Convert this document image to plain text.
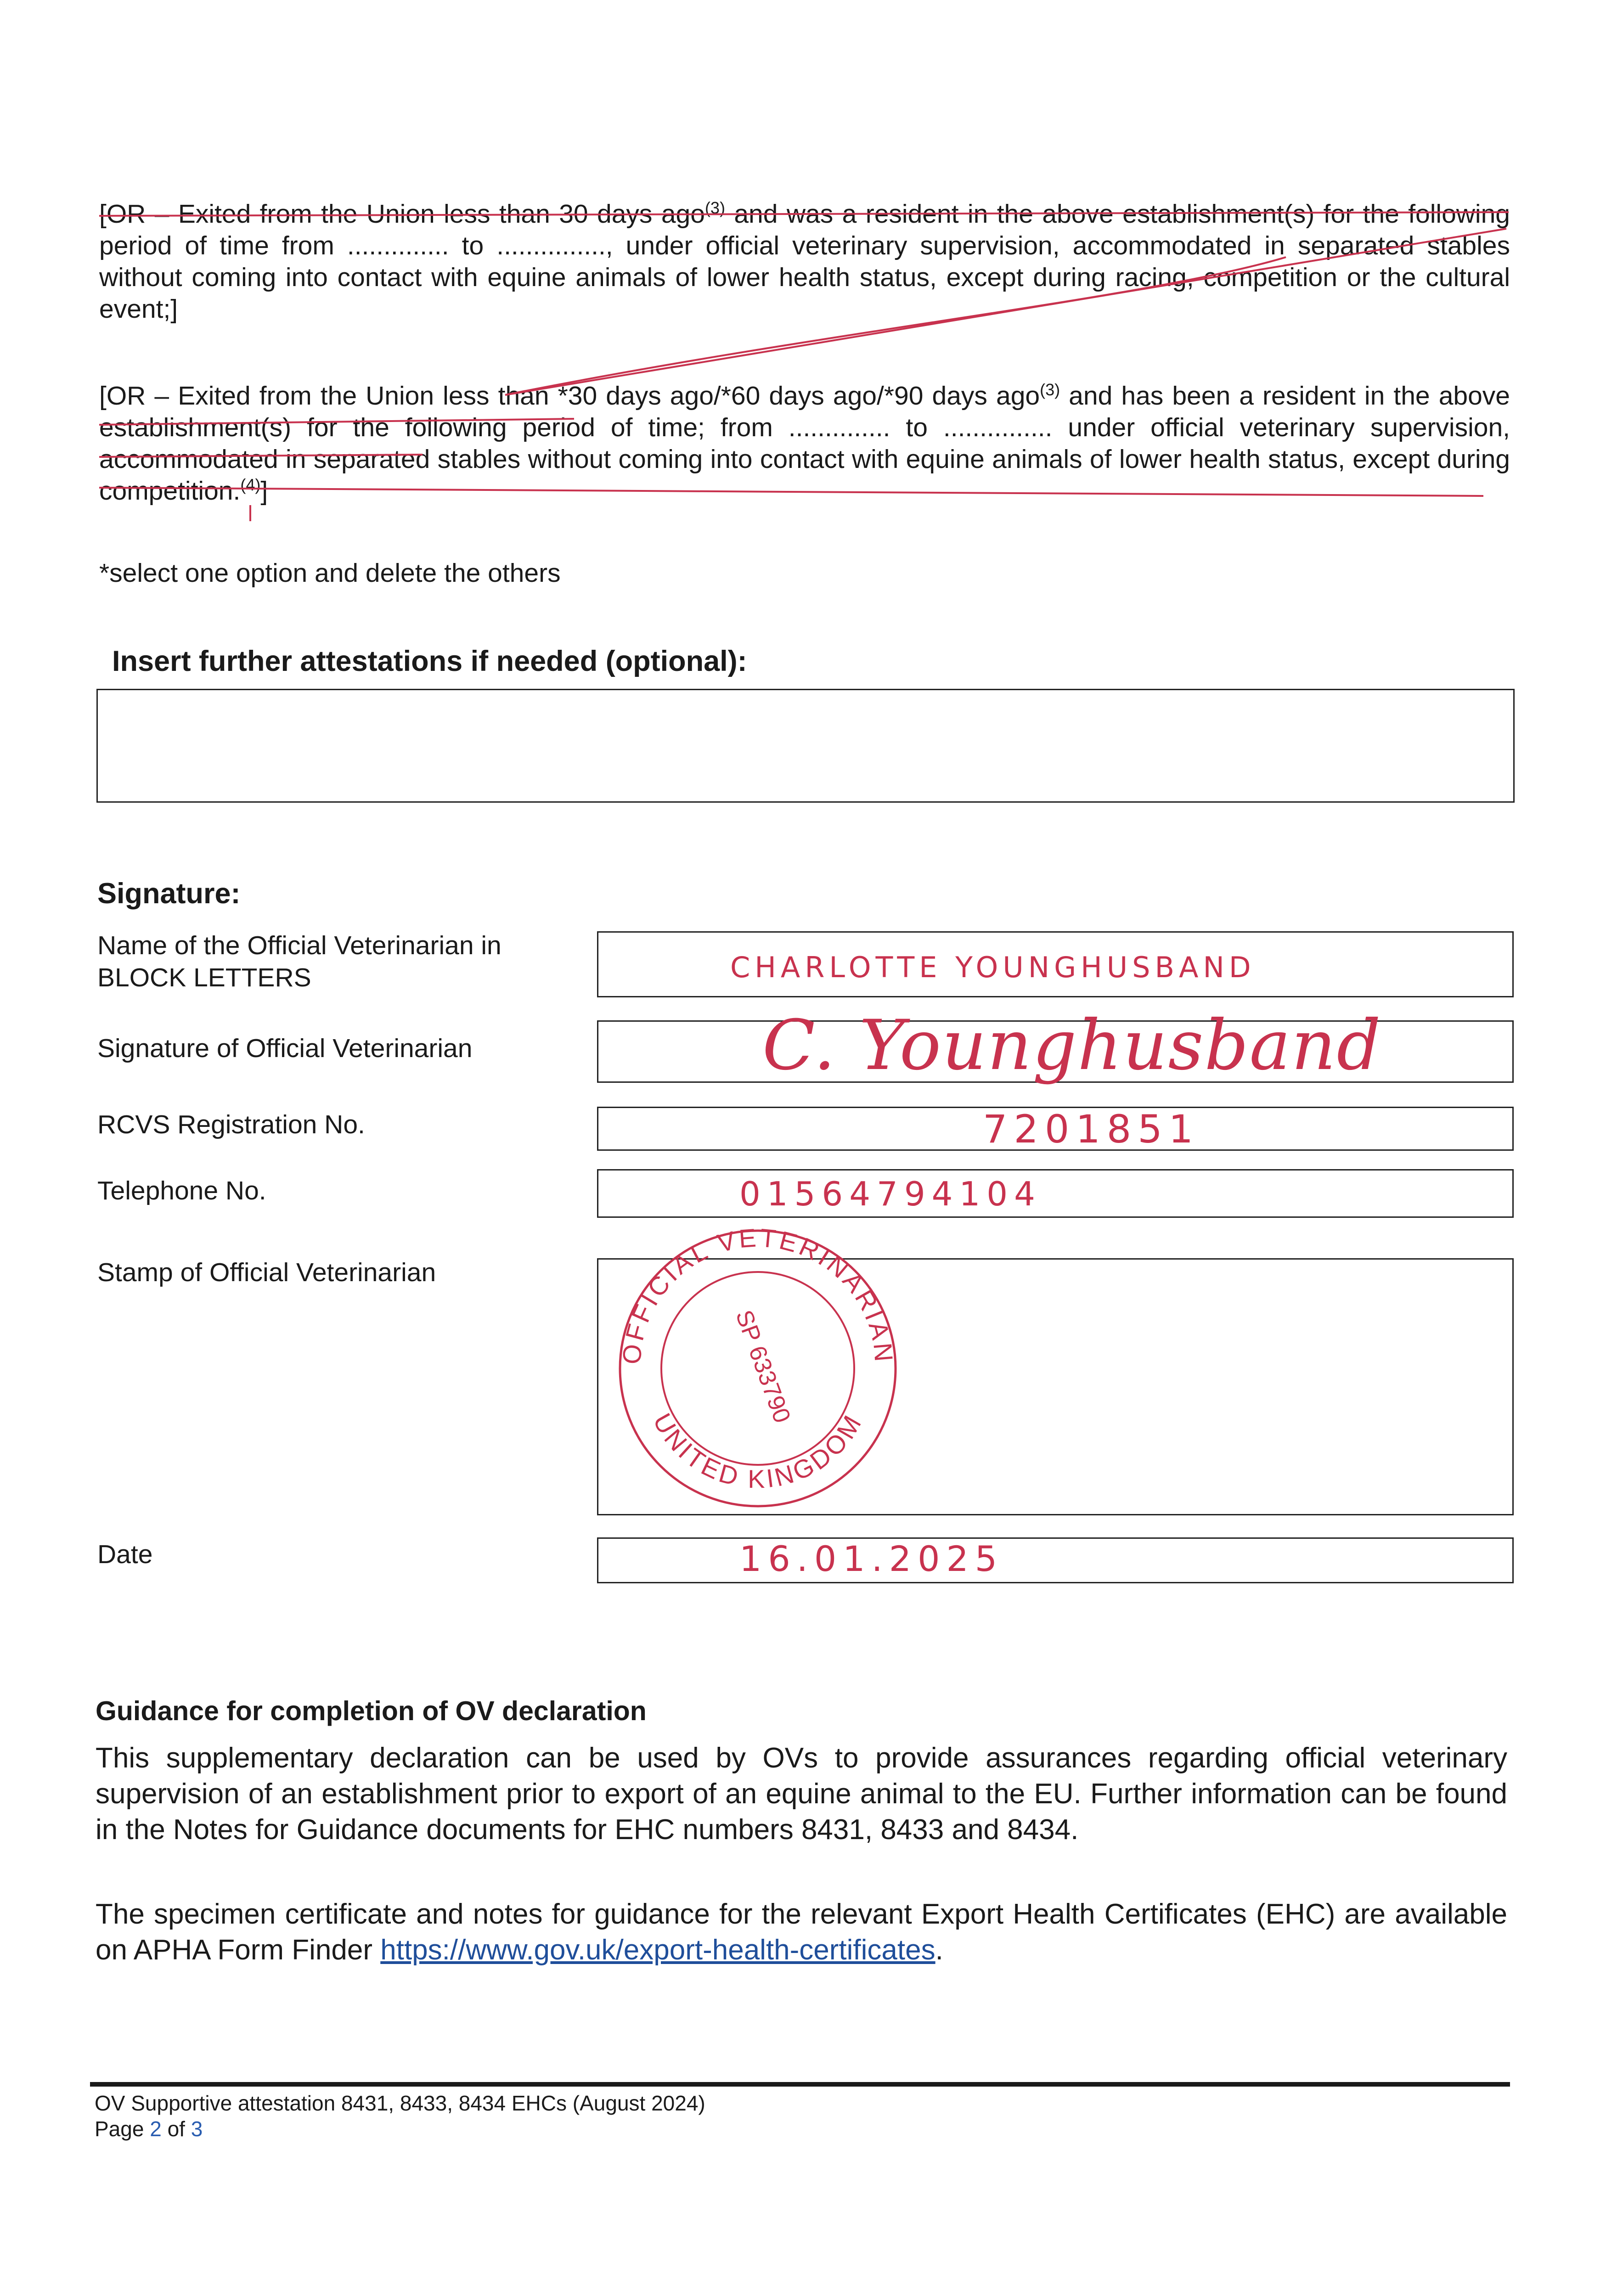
[OR – Exited from the Union less than 30 days ago$^{(3)}$ and was a resident in the above establishment(s) for the following period of time from .............. to ..............., under official veterinary supervision, accommodated in separated stables without coming into contact with equine animals of lower health status, except during racing, competition or the cultural event;]

[OR – Exited from the Union less than *30 days ago/*60 days ago/*90 days ago$^{(3)}$ and has been a resident in the above establishment(s) for the following period of time; from .............. to ............... under official veterinary supervision, accommodated in separated stables without coming into contact with equine animals of lower health status, except during competition.$^{(4)}$]

*select one option and delete the others
Insert further attestations if needed (optional):
Signature:
Name of the Official Veterinarian in BLOCK LETTERS	CHARLOTTE YOUNGHUSBAND
Signature of Official Veterinarian	C. Younghusband
RCVS Registration No.	7201851
Telephone No.	01564794104
Stamp of Official Veterinarian
OFFICIAL VETERINARIAN
UNITED KINGDOM
SP 633790
Date	16.01.2025
Guidance for completion of OV declaration

This supplementary declaration can be used by OVs to provide assurances regarding official veterinary supervision of an establishment prior to export of an equine animal to the EU. Further information can be found in the Notes for Guidance documents for EHC numbers 8431, 8433 and 8434.

The specimen certificate and notes for guidance for the relevant Export Health Certificates (EHC) are available on APHA Form Finder https://www.gov.uk/export-health-certificates.

OV Supportive attestation 8431, 8433, 8434 EHCs (August 2024)
Page 2 of 3
